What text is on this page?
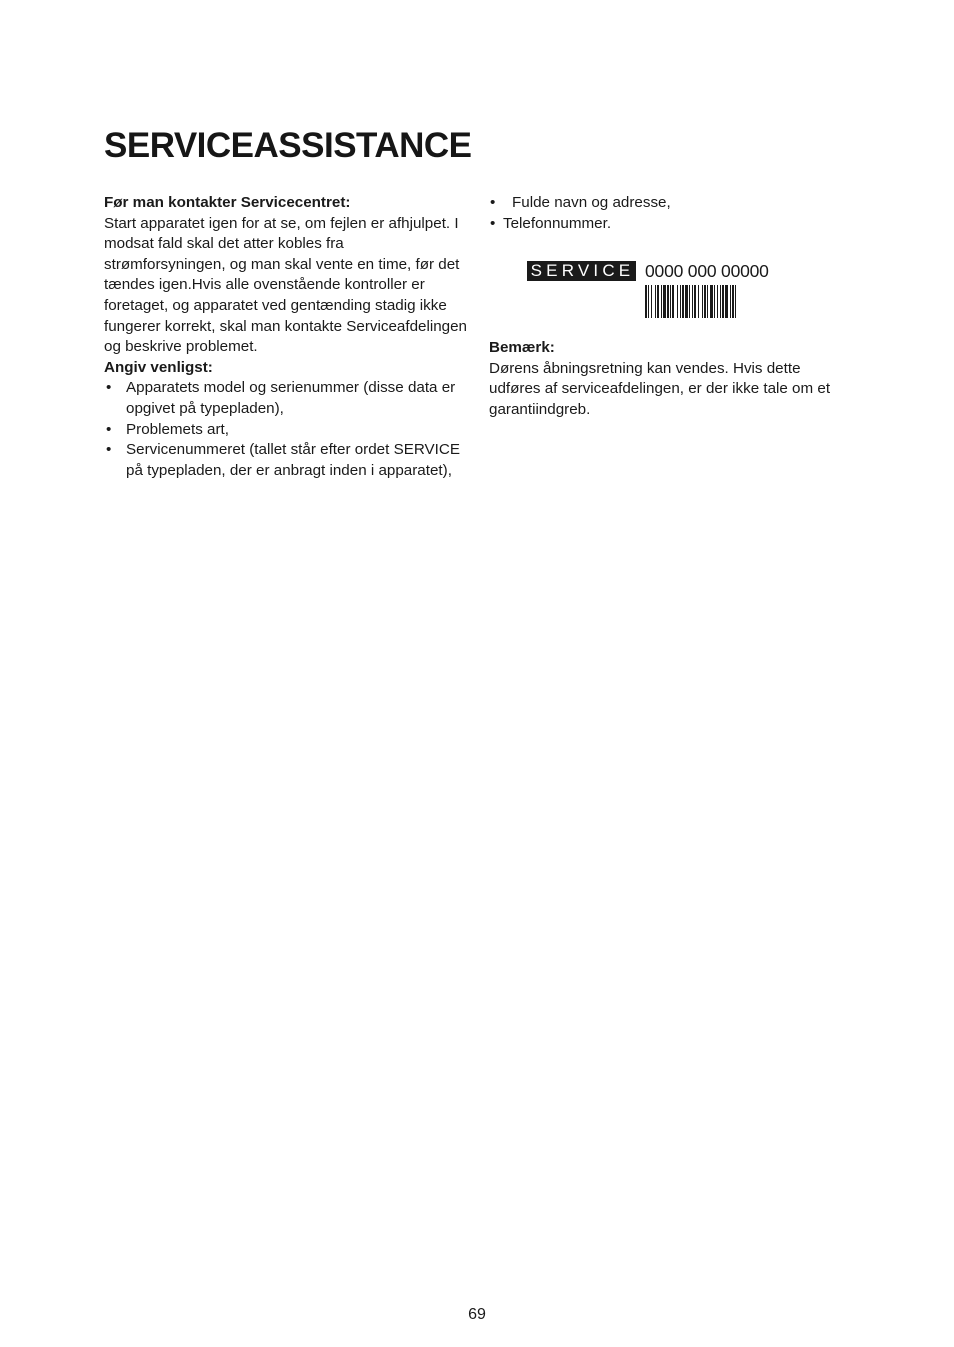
SERVICEASSISTANCE

Før man kontakter Servicecentret:

Start apparatet igen for at se, om fejlen er afhjulpet. I modsat fald skal det atter kobles fra strømforsyningen, og man skal vente en time, før det tændes igen.Hvis alle ovenstående kontroller er foretaget, og apparatet ved gentænding stadig ikke fungerer korrekt, skal man kontakte Serviceafdelingen og beskrive problemet.

Angiv venligst:

• Apparatets model og serienummer (disse data er opgivet på typepladen),
• Problemets art,
• Servicenummeret (tallet står efter ordet SERVICE på typepladen, der er anbragt inden i apparatet),
• Fulde navn og adresse,
• Telefonnummer.
SERVICE 0000 000 00000

Bemærk:

Dørens åbningsretning kan vendes. Hvis dette udføres af serviceafdelingen, er der ikke tale om et garantiindgreb.

69
